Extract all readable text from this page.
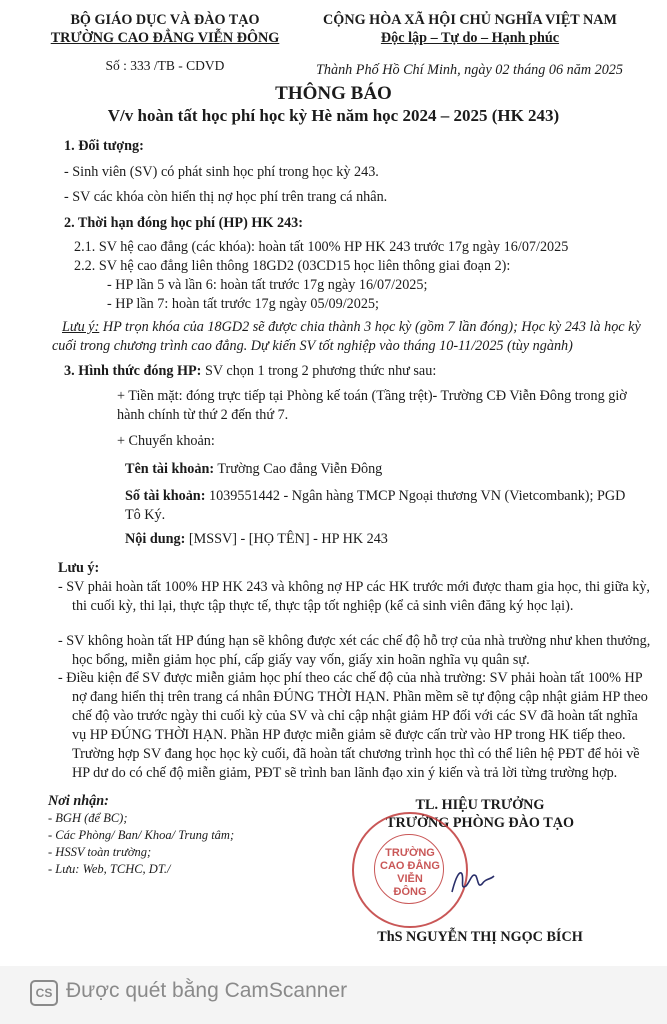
BỘ GIÁO DỤC VÀ ĐÀO TẠO
TRƯỜNG CAO ĐẲNG VIỄN ĐÔNG
Số : 333 /TB - CDVD
CỘNG HÒA XÃ HỘI CHỦ NGHĨA VIỆT NAM
Độc lập – Tự do – Hạnh phúc
Thành Phố Hồ Chí Minh, ngày 02 tháng 06 năm 2025
THÔNG BÁO
V/v hoàn tất học phí học kỳ Hè năm học 2024 – 2025 (HK 243)
1. Đối tượng:
- Sinh viên (SV) có phát sinh học phí trong học kỳ 243.
- SV các khóa còn hiển thị nợ học phí trên trang cá nhân.
2. Thời hạn đóng học phí (HP) HK 243:
2.1. SV hệ cao đẳng (các khóa): hoàn tất 100% HP HK 243 trước 17g ngày 16/07/2025
2.2. SV hệ cao đẳng liên thông 18GD2 (03CD15 học liên thông giai đoạn 2):
- HP lần 5 và lần 6: hoàn tất trước 17g ngày 16/07/2025;
- HP lần 7: hoàn tất trước 17g ngày 05/09/2025;
Lưu ý: HP trọn khóa của 18GD2 sẽ được chia thành 3 học kỳ (gồm 7 lần đóng); Học kỳ 243 là học kỳ cuối trong chương trình cao đẳng. Dự kiến SV tốt nghiệp vào tháng 10-11/2025 (tùy ngành)
3. Hình thức đóng HP: SV chọn 1 trong 2 phương thức như sau:
+ Tiền mặt: đóng trực tiếp tại Phòng kế toán (Tầng trệt)- Trường CĐ Viễn Đông trong giờ hành chính từ thứ 2 đến thứ 7.
+ Chuyển khoản:
Tên tài khoản: Trường Cao đẳng Viễn Đông
Số tài khoản: 1039551442 - Ngân hàng TMCP Ngoại thương VN (Vietcombank); PGD Tô Ký.
Nội dung: [MSSV] - [HỌ TÊN] - HP HK 243
Lưu ý:
- SV phải hoàn tất 100% HP HK 243 và không nợ HP các HK trước mới được tham gia học, thi giữa kỳ, thi cuối kỳ, thi lại, thực tập thực tế, thực tập tốt nghiệp (kể cả sinh viên đăng ký học lại).
- SV không hoàn tất HP đúng hạn sẽ không được xét các chế độ hỗ trợ của nhà trường như khen thưởng, học bổng, miễn giảm học phí, cấp giấy vay vốn, giấy xin hoãn nghĩa vụ quân sự.
- Điều kiện để SV được miễn giảm học phí theo các chế độ của nhà trường: SV phải hoàn tất 100% HP nợ đang hiển thị trên trang cá nhân ĐÚNG THỜI HẠN. Phần mềm sẽ tự động cập nhật giảm HP theo chế độ vào trước ngày thi cuối kỳ của SV và chỉ cập nhật giảm HP đối với các SV đã hoàn tất nghĩa vụ HP ĐÚNG THỜI HẠN. Phần HP được miễn giảm sẽ được cấn trừ vào HP trong HK tiếp theo. Trường hợp SV đang học học kỳ cuối, đã hoàn tất chương trình học thì có thể liên hệ PĐT để hỏi về HP dư do có chế độ miễn giảm, PĐT sẽ trình ban lãnh đạo xin ý kiến và trả lời từng trường hợp.
Nơi nhận:
- BGH (để BC);
- Các Phòng/ Ban/ Khoa/ Trung tâm;
- HSSV toàn trường;
- Lưu: Web, TCHC, DT./
TL. HIỆU TRƯỞNG
TRƯỞNG PHÒNG ĐÀO TẠO
TRƯỜNG CAO ĐẲNG VIỄN ĐÔNG
ThS NGUYỄN THỊ NGỌC BÍCH
CS Được quét bằng CamScanner
